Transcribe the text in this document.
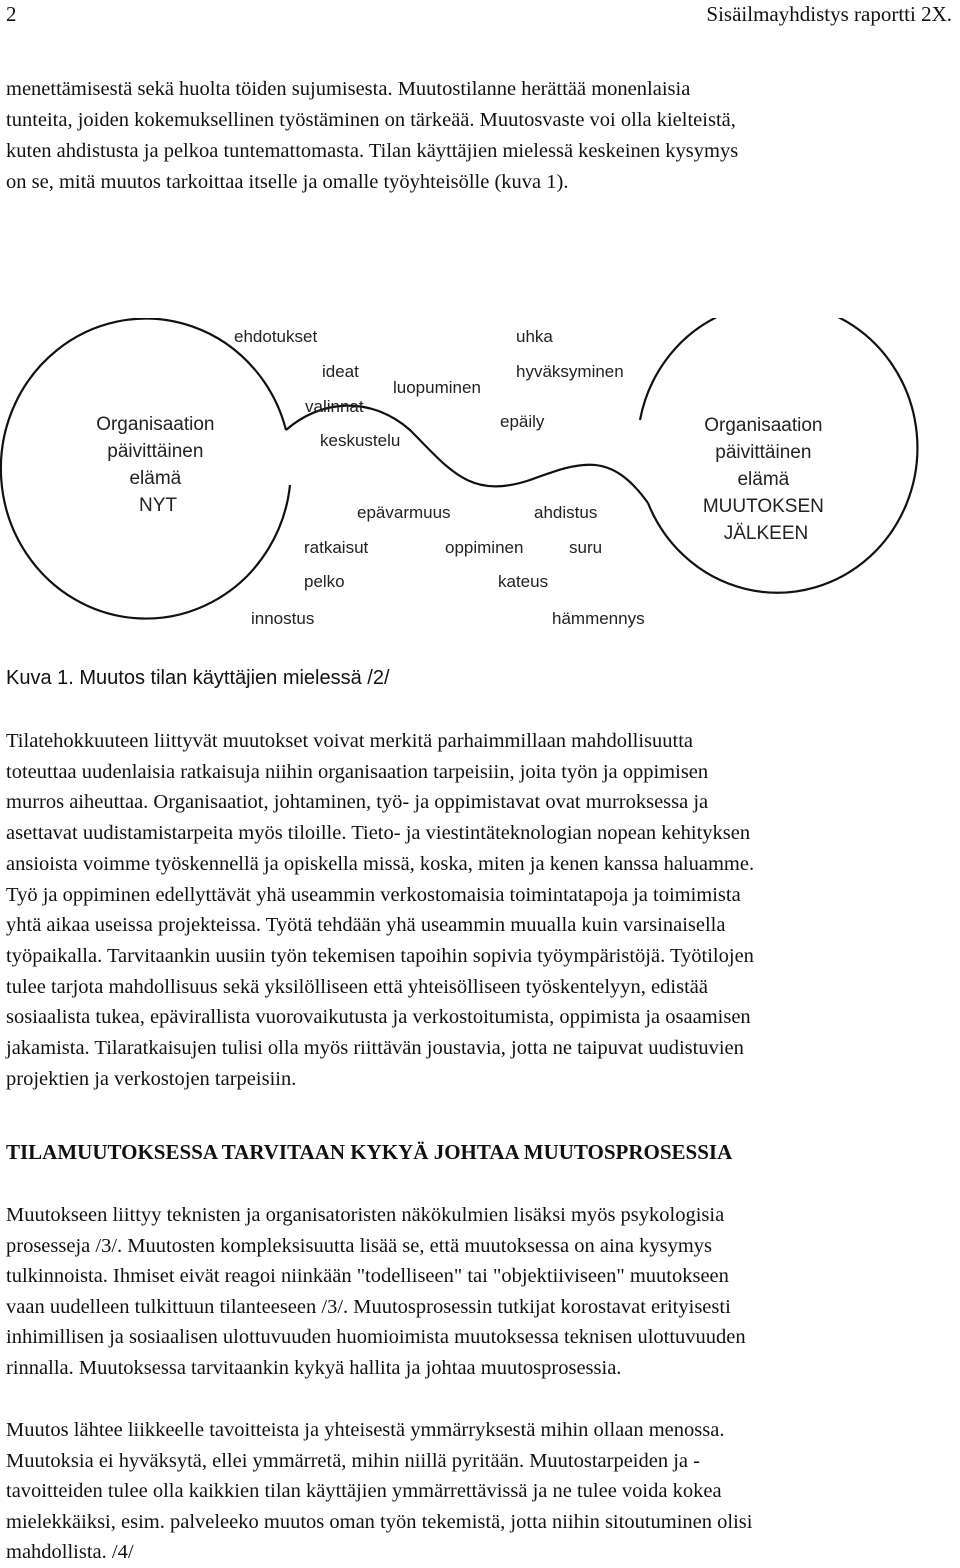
2	Sisäilmayhdistys raportti 2X.

menettämisestä sekä huolta töiden sujumisesta. Muutostilanne herättää monenlaisia
tunteita, joiden kokemuksellinen työstäminen on tärkeää. Muutosvaste voi olla kielteistä,
kuten ahdistusta ja pelkoa tuntemattomasta. Tilan käyttäjien mielessä keskeinen kysymys
on se, mitä muutos tarkoittaa itselle ja omalle työyhteisölle (kuva 1).

Organisaation päivittäinen elämä NYT
Organisaation päivittäinen elämä MUUTOKSEN JÄLKEEN
ehdotukset	uhka
ideat	hyväksyminen
luopuminen
valinnat
epäily
keskustelu
epävarmuus	ahdistus
ratkaisut	oppiminen	suru
pelko	kateus
innostus	hämmennys

Kuva 1. Muutos tilan käyttäjien mielessä /2/

Tilatehokkuuteen liittyvät muutokset voivat merkitä parhaimmillaan mahdollisuutta
toteuttaa uudenlaisia ratkaisuja niihin organisaation tarpeisiin, joita työn ja oppimisen
murros aiheuttaa. Organisaatiot, johtaminen, työ- ja oppimistavat ovat murroksessa ja
asettavat uudistamistarpeita myös tiloille. Tieto- ja viestintäteknologian nopean kehityksen
ansioista voimme työskennellä ja opiskella missä, koska, miten ja kenen kanssa haluamme.
Työ ja oppiminen edellyttävät yhä useammin verkostomaisia toimintatapoja ja toimimista
yhtä aikaa useissa projekteissa. Työtä tehdään yhä useammin muualla kuin varsinaisella
työpaikalla. Tarvitaankin uusiin työn tekemisen tapoihin sopivia työympäristöjä. Työtilojen
tulee tarjota mahdollisuus sekä yksilölliseen että yhteisölliseen työskentelyyn, edistää
sosiaalista tukea, epävirallista vuorovaikutusta ja verkostoitumista, oppimista ja osaamisen
jakamista. Tilaratkaisujen tulisi olla myös riittävän joustavia, jotta ne taipuvat uudistuvien
projektien ja verkostojen tarpeisiin.

TILAMUUTOKSESSA TARVITAAN KYKYÄ JOHTAA MUUTOSPROSESSIA

Muutokseen liittyy teknisten ja organisatoristen näkökulmien lisäksi myös psykologisia
prosesseja /3/. Muutosten kompleksisuutta lisää se, että muutoksessa on aina kysymys
tulkinnoista. Ihmiset eivät reagoi niinkään "todelliseen" tai "objektiiviseen" muutokseen
vaan uudelleen tulkittuun tilanteeseen /3/. Muutosprosessin tutkijat korostavat erityisesti
inhimillisen ja sosiaalisen ulottuvuuden huomioimista muutoksessa teknisen ulottuvuuden
rinnalla. Muutoksessa tarvitaankin kykyä hallita ja johtaa muutosprosessia.

Muutos lähtee liikkeelle tavoitteista ja yhteisestä ymmärryksestä mihin ollaan menossa.
Muutoksia ei hyväksytä, ellei ymmärretä, mihin niillä pyritään. Muutostarpeiden ja -
tavoitteiden tulee olla kaikkien tilan käyttäjien ymmärrettävissä ja ne tulee voida kokea
mielekkäiksi, esim. palveleeko muutos oman työn tekemistä, jotta niihin sitoutuminen olisi
mahdollista. /4/
